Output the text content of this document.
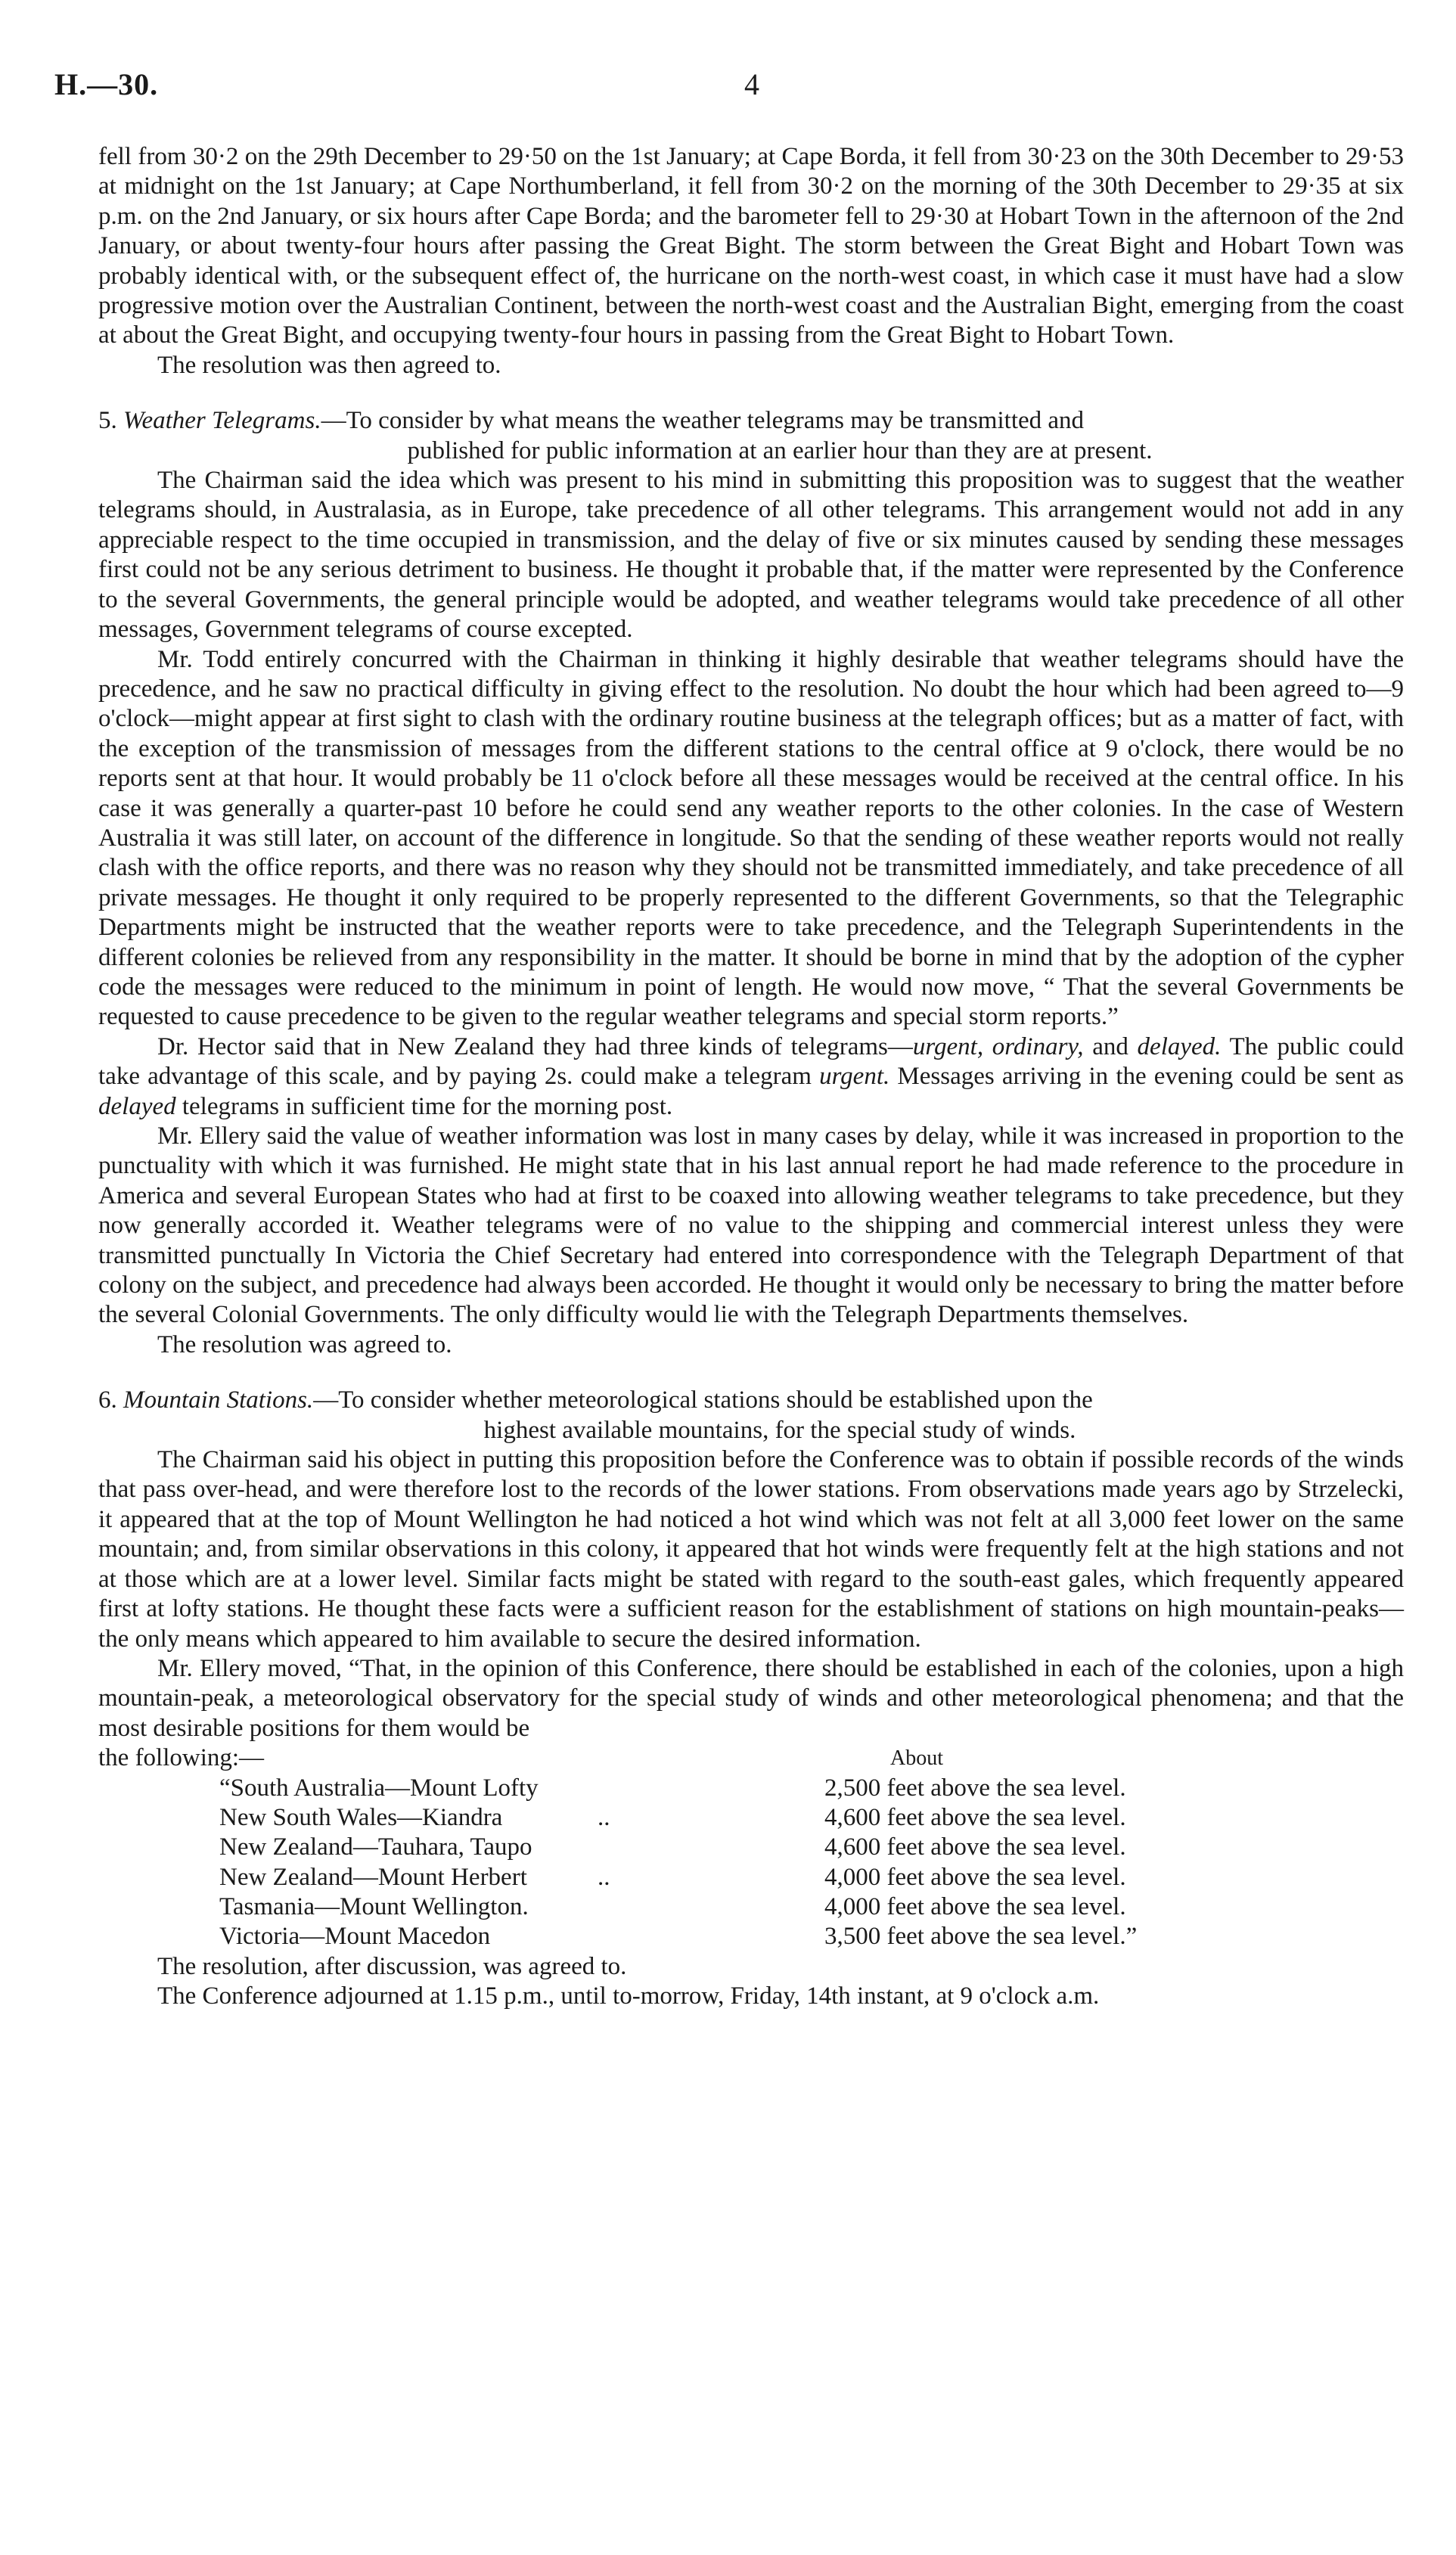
H.—30.	4

fell from 30·2 on the 29th December to 29·50 on the 1st January; at Cape Borda, it fell from 30·23 on the 30th December to 29·53 at midnight on the 1st January; at Cape Northumberland, it fell from 30·2 on the morning of the 30th December to 29·35 at six p.m. on the 2nd January, or six hours after Cape Borda; and the barometer fell to 29·30 at Hobart Town in the afternoon of the 2nd January, or about twenty-four hours after passing the Great Bight. The storm between the Great Bight and Hobart Town was probably identical with, or the subsequent effect of, the hurricane on the north-west coast, in which case it must have had a slow progressive motion over the Australian Continent, between the north-west coast and the Australian Bight, emerging from the coast at about the Great Bight, and occupying twenty-four hours in passing from the Great Bight to Hobart Town.

The resolution was then agreed to.

5. Weather Telegrams.—To consider by what means the weather telegrams may be transmitted and
published for public information at an earlier hour than they are at present.

The Chairman said the idea which was present to his mind in submitting this proposition was to suggest that the weather telegrams should, in Australasia, as in Europe, take precedence of all other telegrams. This arrangement would not add in any appreciable respect to the time occupied in transmission, and the delay of five or six minutes caused by sending these messages first could not be any serious detriment to business. He thought it probable that, if the matter were represented by the Conference to the several Governments, the general principle would be adopted, and weather telegrams would take precedence of all other messages, Government telegrams of course excepted.

Mr. Todd entirely concurred with the Chairman in thinking it highly desirable that weather telegrams should have the precedence, and he saw no practical difficulty in giving effect to the resolution. No doubt the hour which had been agreed to—9 o'clock—might appear at first sight to clash with the ordinary routine business at the telegraph offices; but as a matter of fact, with the exception of the transmission of messages from the different stations to the central office at 9 o'clock, there would be no reports sent at that hour. It would probably be 11 o'clock before all these messages would be received at the central office. In his case it was generally a quarter-past 10 before he could send any weather reports to the other colonies. In the case of Western Australia it was still later, on account of the difference in longitude. So that the sending of these weather reports would not really clash with the office reports, and there was no reason why they should not be transmitted immediately, and take precedence of all private messages. He thought it only required to be properly represented to the different Governments, so that the Telegraphic Departments might be instructed that the weather reports were to take precedence, and the Telegraph Superintendents in the different colonies be relieved from any responsibility in the matter. It should be borne in mind that by the adoption of the cypher code the messages were reduced to the minimum in point of length. He would now move, “ That the several Governments be requested to cause precedence to be given to the regular weather telegrams and special storm reports.”

Dr. Hector said that in New Zealand they had three kinds of telegrams—urgent, ordinary, and delayed. The public could take advantage of this scale, and by paying 2s. could make a telegram urgent. Messages arriving in the evening could be sent as delayed telegrams in sufficient time for the morning post.

Mr. Ellery said the value of weather information was lost in many cases by delay, while it was increased in proportion to the punctuality with which it was furnished. He might state that in his last annual report he had made reference to the procedure in America and several European States who had at first to be coaxed into allowing weather telegrams to take precedence, but they now generally accorded it. Weather telegrams were of no value to the shipping and commercial interest unless they were transmitted punctually In Victoria the Chief Secretary had entered into correspondence with the Telegraph Department of that colony on the subject, and precedence had always been accorded. He thought it would only be necessary to bring the matter before the several Colonial Governments. The only difficulty would lie with the Telegraph Departments themselves.

The resolution was agreed to.

6. Mountain Stations.—To consider whether meteorological stations should be established upon the
highest available mountains, for the special study of winds.

The Chairman said his object in putting this proposition before the Conference was to obtain if possible records of the winds that pass over-head, and were therefore lost to the records of the lower stations. From observations made years ago by Strzelecki, it appeared that at the top of Mount Wellington he had noticed a hot wind which was not felt at all 3,000 feet lower on the same mountain; and, from similar observations in this colony, it appeared that hot winds were frequently felt at the high stations and not at those which are at a lower level. Similar facts might be stated with regard to the south-east gales, which frequently appeared first at lofty stations. He thought these facts were a sufficient reason for the establishment of stations on high mountain-peaks—the only means which appeared to him available to secure the desired information.

Mr. Ellery moved, “That, in the opinion of this Conference, there should be established in each of the colonies, upon a high mountain-peak, a meteorological observatory for the special study of winds and other meteorological phenomena; and that the most desirable positions for them would be

the following:—	About
“South Australia—Mount Lofty	2,500 feet above the sea level.
New South Wales—Kiandra	..	4,600 feet above the sea level.
New Zealand—Tauhara, Taupo	4,600 feet above the sea level.
New Zealand—Mount Herbert	..	4,000 feet above the sea level.
Tasmania—Mount Wellington.	4,000 feet above the sea level.
Victoria—Mount Macedon	3,500 feet above the sea level.”

The resolution, after discussion, was agreed to.

The Conference adjourned at 1.15 p.m., until to-morrow, Friday, 14th instant, at 9 o'clock a.m.
